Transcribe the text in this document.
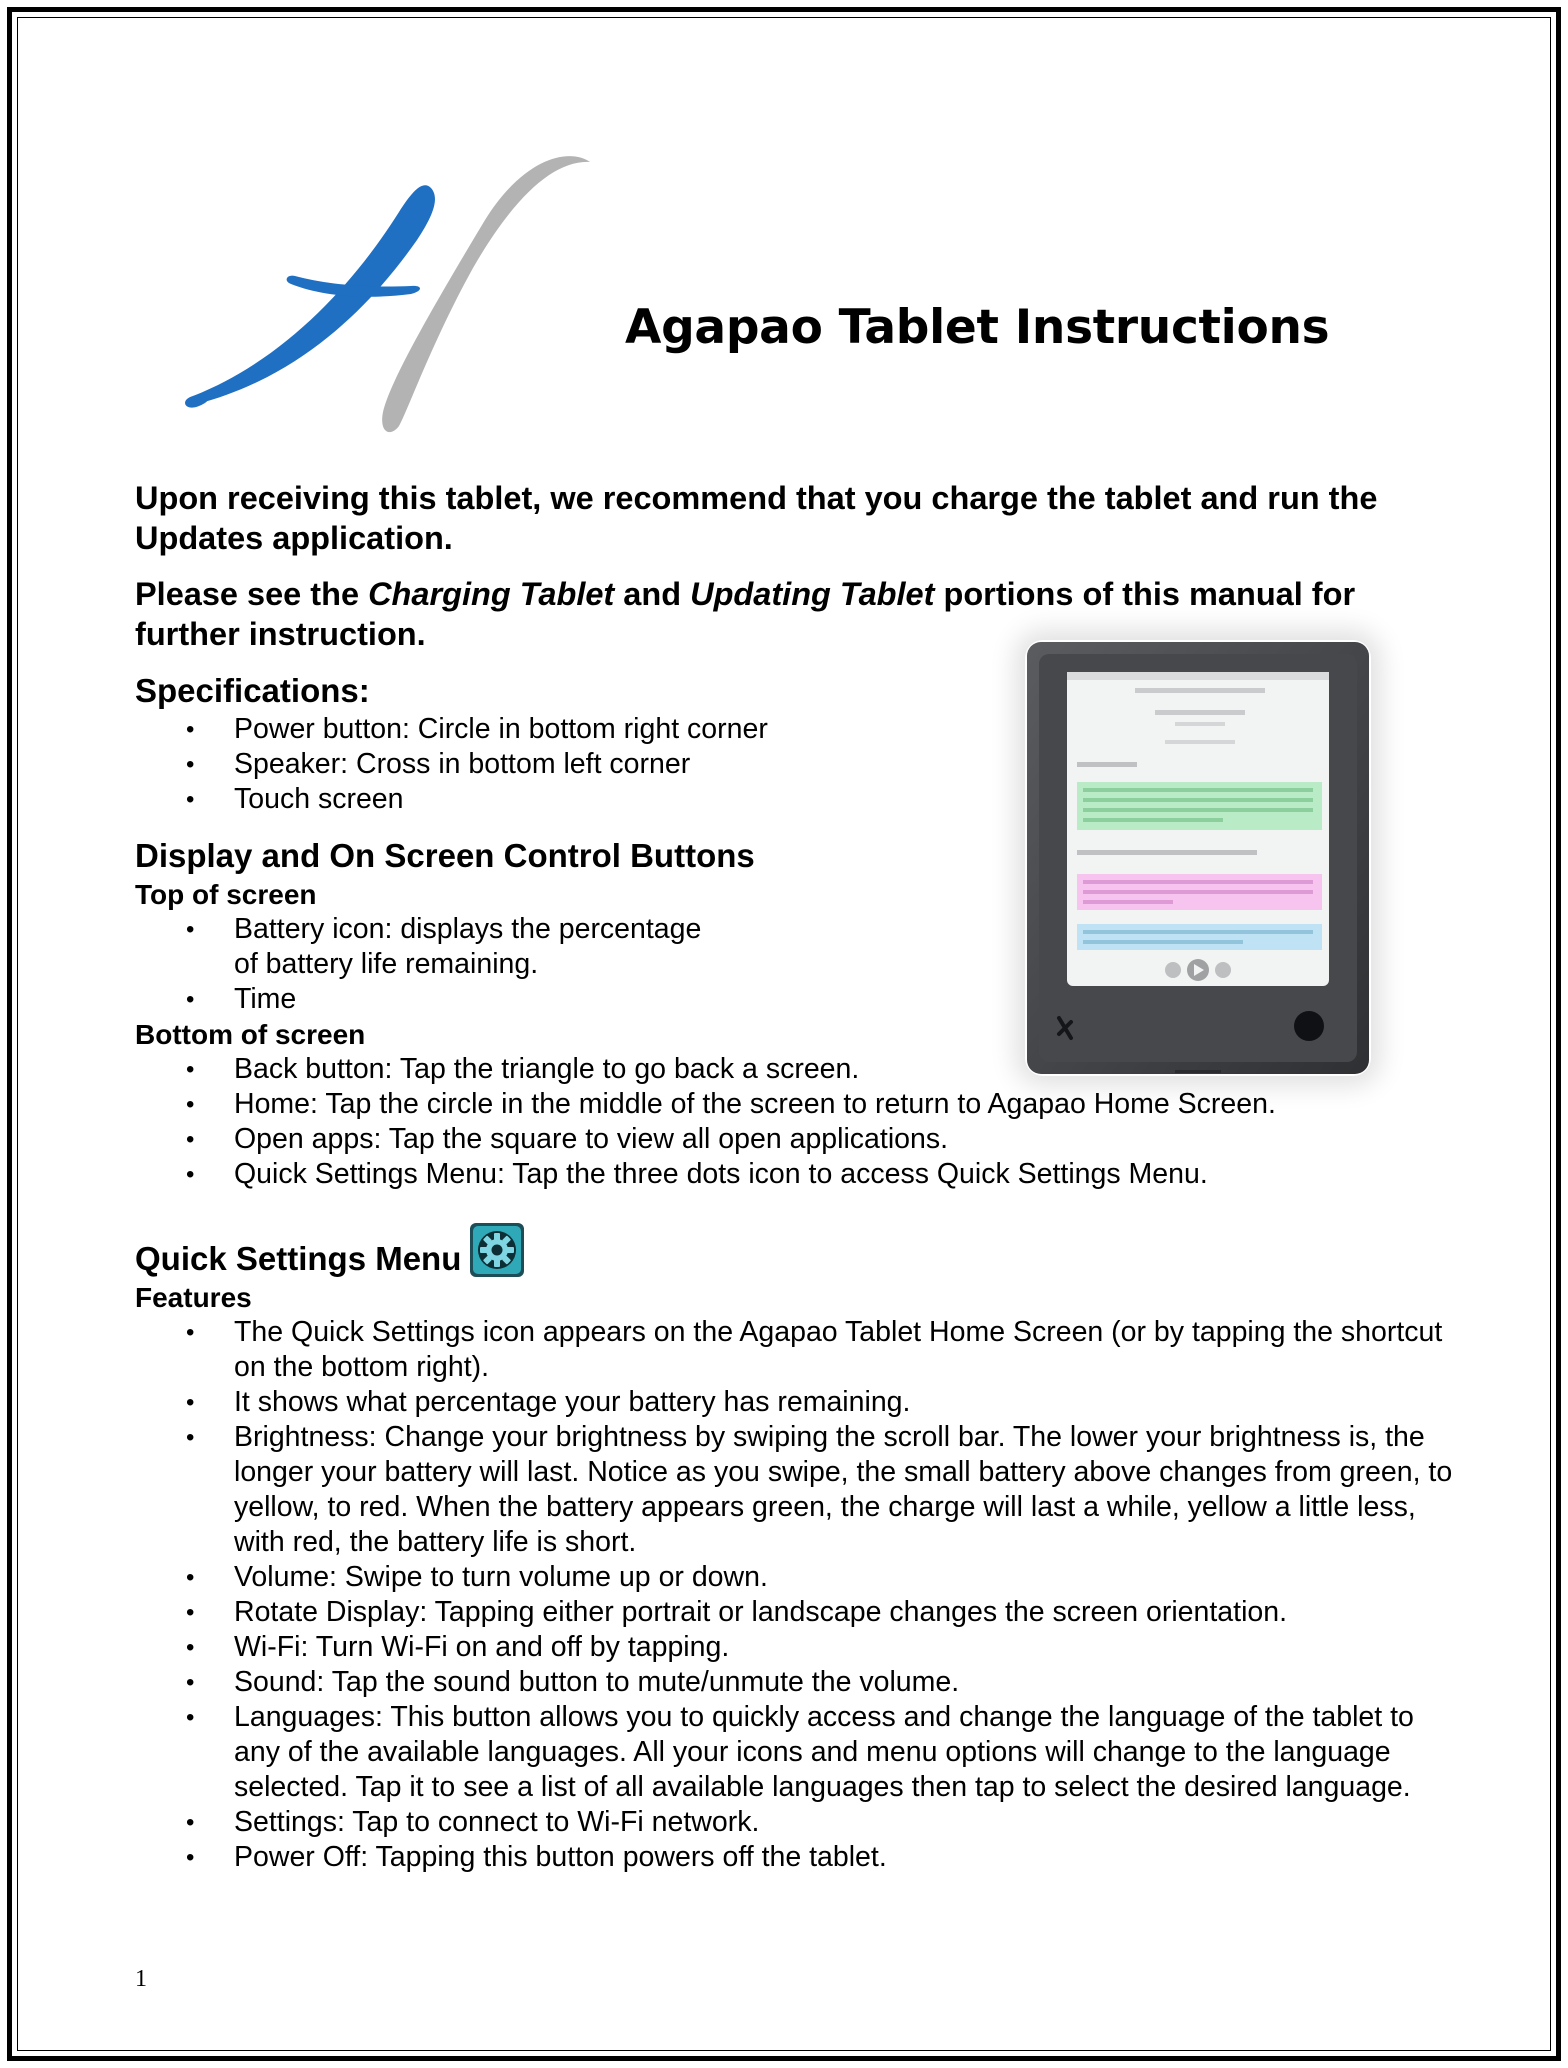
Agapao Tablet Instructions

Upon receiving this tablet, we recommend that you charge the tablet and run the Updates application.

Please see the Charging Tablet and Updating Tablet portions of this manual for further instruction.

Specifications:
• Power button: Circle in bottom right corner
• Speaker: Cross in bottom left corner
• Touch screen
Display and On Screen Control Buttons
Top of screen
• Battery icon: displays the percentage of battery life remaining.
• Time
Bottom of screen
• Back button: Tap the triangle to go back a screen.
• Home: Tap the circle in the middle of the screen to return to Agapao Home Screen.
• Open apps: Tap the square to view all open applications.
• Quick Settings Menu: Tap the three dots icon to access Quick Settings Menu.
Quick Settings Menu
Features
• The Quick Settings icon appears on the Agapao Tablet Home Screen (or by tapping the shortcut on the bottom right).
• It shows what percentage your battery has remaining.
• Brightness: Change your brightness by swiping the scroll bar. The lower your brightness is, the longer your battery will last. Notice as you swipe, the small battery above changes from green, to yellow, to red. When the battery appears green, the charge will last a while, yellow a little less, with red, the battery life is short.
• Volume: Swipe to turn volume up or down.
• Rotate Display: Tapping either portrait or landscape changes the screen orientation.
• Wi-Fi: Turn Wi-Fi on and off by tapping.
• Sound: Tap the sound button to mute/unmute the volume.
• Languages: This button allows you to quickly access and change the language of the tablet to any of the available languages. All your icons and menu options will change to the language selected. Tap it to see a list of all available languages then tap to select the desired language.
• Settings: Tap to connect to Wi-Fi network.
• Power Off: Tapping this button powers off the tablet.
1
